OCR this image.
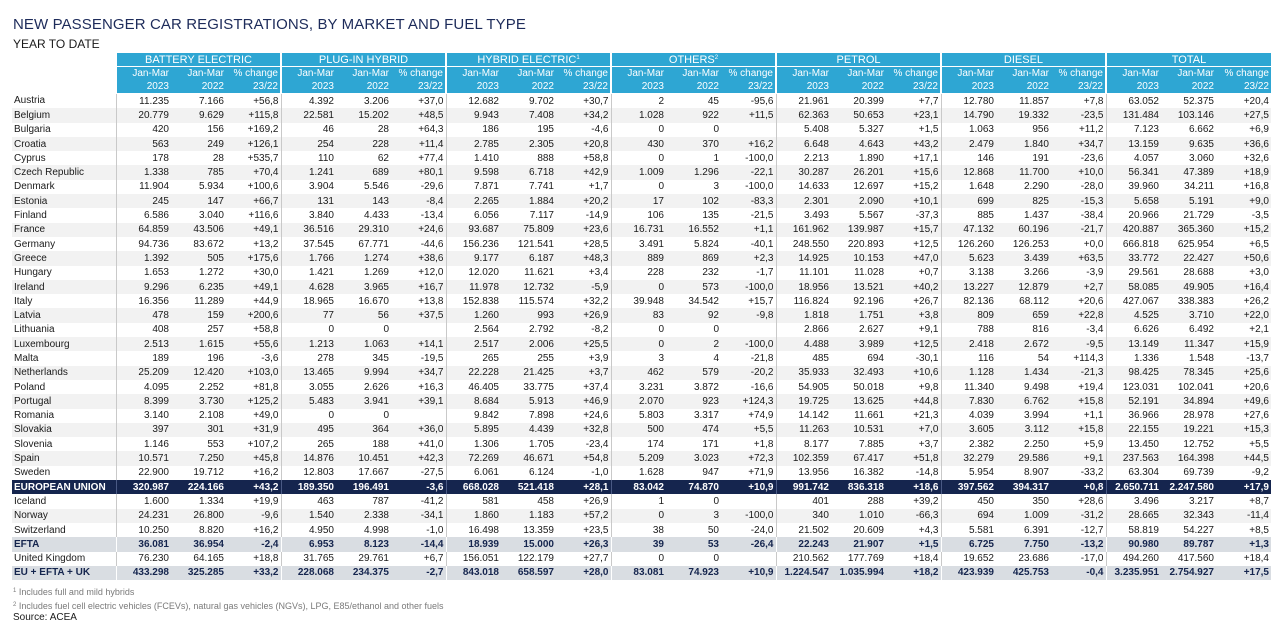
NEW PASSENGER CAR REGISTRATIONS, BY MARKET AND FUEL TYPE
YEAR TO DATE
	BATTERY ELECTRIC			PLUG-IN HYBRID			HYBRID ELECTRIC$^1$			OTHERS$^2$			PETROL			DIESEL			TOTAL		
	Jan-Mar	Jan-Mar	% change	Jan-Mar	Jan-Mar	% change	Jan-Mar	Jan-Mar	% change	Jan-Mar	Jan-Mar	% change	Jan-Mar	Jan-Mar	% change	Jan-Mar	Jan-Mar	% change	Jan-Mar	Jan-Mar	% change
	2023	2022	23/22	2023	2022	23/22	2023	2022	23/22	2023	2022	23/22	2023	2022	23/22	2023	2022	23/22	2023	2022	23/22
Austria	11.235	7.166	+56,8	4.392	3.206	+37,0	12.682	9.702	+30,7	2	45	-95,6	21.961	20.399	+7,7	12.780	11.857	+7,8	63.052	52.375	+20,4
Belgium	20.779	9.629	+115,8	22.581	15.202	+48,5	9.943	7.408	+34,2	1.028	922	+11,5	62.363	50.653	+23,1	14.790	19.332	-23,5	131.484	103.146	+27,5
Bulgaria	420	156	+169,2	46	28	+64,3	186	195	-4,6	0	0		5.408	5.327	+1,5	1.063	956	+11,2	7.123	6.662	+6,9
Croatia	563	249	+126,1	254	228	+11,4	2.785	2.305	+20,8	430	370	+16,2	6.648	4.643	+43,2	2.479	1.840	+34,7	13.159	9.635	+36,6
Cyprus	178	28	+535,7	110	62	+77,4	1.410	888	+58,8	0	1	-100,0	2.213	1.890	+17,1	146	191	-23,6	4.057	3.060	+32,6
Czech Republic	1.338	785	+70,4	1.241	689	+80,1	9.598	6.718	+42,9	1.009	1.296	-22,1	30.287	26.201	+15,6	12.868	11.700	+10,0	56.341	47.389	+18,9
Denmark	11.904	5.934	+100,6	3.904	5.546	-29,6	7.871	7.741	+1,7	0	3	-100,0	14.633	12.697	+15,2	1.648	2.290	-28,0	39.960	34.211	+16,8
Estonia	245	147	+66,7	131	143	-8,4	2.265	1.884	+20,2	17	102	-83,3	2.301	2.090	+10,1	699	825	-15,3	5.658	5.191	+9,0
Finland	6.586	3.040	+116,6	3.840	4.433	-13,4	6.056	7.117	-14,9	106	135	-21,5	3.493	5.567	-37,3	885	1.437	-38,4	20.966	21.729	-3,5
France	64.859	43.506	+49,1	36.516	29.310	+24,6	93.687	75.809	+23,6	16.731	16.552	+1,1	161.962	139.987	+15,7	47.132	60.196	-21,7	420.887	365.360	+15,2
Germany	94.736	83.672	+13,2	37.545	67.771	-44,6	156.236	121.541	+28,5	3.491	5.824	-40,1	248.550	220.893	+12,5	126.260	126.253	+0,0	666.818	625.954	+6,5
Greece	1.392	505	+175,6	1.766	1.274	+38,6	9.177	6.187	+48,3	889	869	+2,3	14.925	10.153	+47,0	5.623	3.439	+63,5	33.772	22.427	+50,6
Hungary	1.653	1.272	+30,0	1.421	1.269	+12,0	12.020	11.621	+3,4	228	232	-1,7	11.101	11.028	+0,7	3.138	3.266	-3,9	29.561	28.688	+3,0
Ireland	9.296	6.235	+49,1	4.628	3.965	+16,7	11.978	12.732	-5,9	0	573	-100,0	18.956	13.521	+40,2	13.227	12.879	+2,7	58.085	49.905	+16,4
Italy	16.356	11.289	+44,9	18.965	16.670	+13,8	152.838	115.574	+32,2	39.948	34.542	+15,7	116.824	92.196	+26,7	82.136	68.112	+20,6	427.067	338.383	+26,2
Latvia	478	159	+200,6	77	56	+37,5	1.260	993	+26,9	83	92	-9,8	1.818	1.751	+3,8	809	659	+22,8	4.525	3.710	+22,0
Lithuania	408	257	+58,8	0	0		2.564	2.792	-8,2	0	0		2.866	2.627	+9,1	788	816	-3,4	6.626	6.492	+2,1
Luxembourg	2.513	1.615	+55,6	1.213	1.063	+14,1	2.517	2.006	+25,5	0	2	-100,0	4.488	3.989	+12,5	2.418	2.672	-9,5	13.149	11.347	+15,9
Malta	189	196	-3,6	278	345	-19,5	265	255	+3,9	3	4	-21,8	485	694	-30,1	116	54	+114,3	1.336	1.548	-13,7
Netherlands	25.209	12.420	+103,0	13.465	9.994	+34,7	22.228	21.425	+3,7	462	579	-20,2	35.933	32.493	+10,6	1.128	1.434	-21,3	98.425	78.345	+25,6
Poland	4.095	2.252	+81,8	3.055	2.626	+16,3	46.405	33.775	+37,4	3.231	3.872	-16,6	54.905	50.018	+9,8	11.340	9.498	+19,4	123.031	102.041	+20,6
Portugal	8.399	3.730	+125,2	5.483	3.941	+39,1	8.684	5.913	+46,9	2.070	923	+124,3	19.725	13.625	+44,8	7.830	6.762	+15,8	52.191	34.894	+49,6
Romania	3.140	2.108	+49,0	0	0		9.842	7.898	+24,6	5.803	3.317	+74,9	14.142	11.661	+21,3	4.039	3.994	+1,1	36.966	28.978	+27,6
Slovakia	397	301	+31,9	495	364	+36,0	5.895	4.439	+32,8	500	474	+5,5	11.263	10.531	+7,0	3.605	3.112	+15,8	22.155	19.221	+15,3
Slovenia	1.146	553	+107,2	265	188	+41,0	1.306	1.705	-23,4	174	171	+1,8	8.177	7.885	+3,7	2.382	2.250	+5,9	13.450	12.752	+5,5
Spain	10.571	7.250	+45,8	14.876	10.451	+42,3	72.269	46.671	+54,8	5.209	3.023	+72,3	102.359	67.417	+51,8	32.279	29.586	+9,1	237.563	164.398	+44,5
Sweden	22.900	19.712	+16,2	12.803	17.667	-27,5	6.061	6.124	-1,0	1.628	947	+71,9	13.956	16.382	-14,8	5.954	8.907	-33,2	63.304	69.739	-9,2
EUROPEAN UNION	320.987	224.166	+43,2	189.350	196.491	-3,6	668.028	521.418	+28,1	83.042	74.870	+10,9	991.742	836.318	+18,6	397.562	394.317	+0,8	2.650.711	2.247.580	+17,9
Iceland	1.600	1.334	+19,9	463	787	-41,2	581	458	+26,9	1	0		401	288	+39,2	450	350	+28,6	3.496	3.217	+8,7
Norway	24.231	26.800	-9,6	1.540	2.338	-34,1	1.860	1.183	+57,2	0	3	-100,0	340	1.010	-66,3	694	1.009	-31,2	28.665	32.343	-11,4
Switzerland	10.250	8.820	+16,2	4.950	4.998	-1,0	16.498	13.359	+23,5	38	50	-24,0	21.502	20.609	+4,3	5.581	6.391	-12,7	58.819	54.227	+8,5
EFTA	36.081	36.954	-2,4	6.953	8.123	-14,4	18.939	15.000	+26,3	39	53	-26,4	22.243	21.907	+1,5	6.725	7.750	-13,2	90.980	89.787	+1,3
United Kingdom	76.230	64.165	+18,8	31.765	29.761	+6,7	156.051	122.179	+27,7	0	0		210.562	177.769	+18,4	19.652	23.686	-17,0	494.260	417.560	+18,4
EU + EFTA + UK	433.298	325.285	+33,2	228.068	234.375	-2,7	843.018	658.597	+28,0	83.081	74.923	+10,9	1.224.547	1.035.994	+18,2	423.939	425.753	-0,4	3.235.951	2.754.927	+17,5
$^1$ Includes full and mild hybrids
$^2$ Includes fuel cell electric vehicles (FCEVs), natural gas vehicles (NGVs), LPG, E85/ethanol and other fuels
Source: ACEA
